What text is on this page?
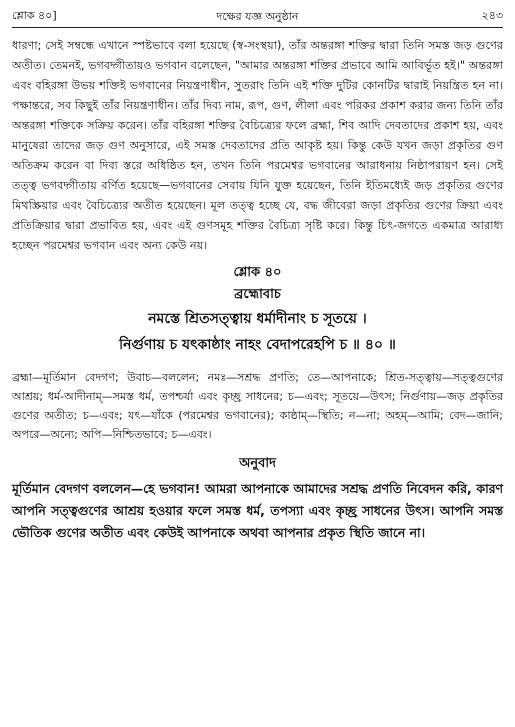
শ্লোক ৪০]	দক্ষের যজ্ঞ অনুষ্ঠান	২৪৩

ধারণা; সেই সম্বন্ধে এখানে স্পষ্টভাবে বলা হয়েছে (স্ব-সংস্থয়া), তাঁর অন্তরঙ্গা শক্তির দ্বারা তিনি সমস্ত জড় গুণের অতীত। তেমনই, ভগবদ্গীতায়ও ভগবান বলেছেন, "আমার অন্তরঙ্গা শক্তির প্রভাবে আমি আবির্ভূত হই।" অন্তরঙ্গা এবং বহিরঙ্গা উভয় শক্তিই ভগবানের নিয়ন্ত্রণাধীন, সুতরাং তিনি এই শক্তি দুটির কোনটির দ্বারাই নিয়ন্ত্রিত হন না। পক্ষান্তরে, সব কিছুই তাঁর নিয়ন্ত্রণাধীন। তাঁর দিব্য নাম, রূপ, গুণ, লীলা এবং পরিকর প্রকাশ করার জন্য তিনি তাঁর অন্তরঙ্গা শক্তিকে সক্রিয় করেন। তাঁর বহিরঙ্গা শক্তির বৈচিত্র্যের ফলে ব্রহ্মা, শিব আদি দেবতাদের প্রকাশ হয়, এবং মানুষেরা তাদের জড় গুণ অনুসারে, এই সমস্ত দেবতাদের প্রতি আকৃষ্ট হয়। কিন্তু কেউ যখন জড়া প্রকৃতির গুণ অতিক্রম করেন বা দিব্য স্তরে অধিষ্ঠিত হন, তখন তিনি পরমেশ্বর ভগবানের আরাধনায় নিষ্ঠাপরায়ণ হন। সেই তত্ত্ব ভগবদ্গীতায় বর্ণিত হয়েছে—ভগবানের সেবায় যিনি যুক্ত হয়েছেন, তিনি ইতিমধ্যেই জড় প্রকৃতির গুণের মিথস্ক্রিয়ার এবং বৈচিত্র্যের অতীত হয়েছেন। মূল তত্ত্ব হচ্ছে যে, বদ্ধ জীবেরা জড়া প্রকৃতির গুণের ক্রিয়া এবং প্রতিক্রিয়ার দ্বারা প্রভাবিত হয়, এবং এই গুণসমূহ শক্তির বৈচিত্র্য সৃষ্টি করে। কিন্তু চিৎ-জগতে একমাত্র আরাধ্য হচ্ছেন পরমেশ্বর ভগবান এবং অন্য কেউ নয়।

শ্লোক ৪০
ব্রহ্মোবাচ
নমস্তে শ্রিতসত্ত্বায় ধর্মাদীনাং চ সূতয়ে ।
নির্গুণায় চ যৎকাষ্ঠাং নাহং বেদাপরেহপি চ ॥ ৪০ ॥
ব্রহ্মা—মূর্তিমান বেদগণ; উবাচ—বললেন; নমঃ—সশ্রদ্ধ প্রণতি; তে—আপনাকে; শ্রিত-সত্ত্বায়—সত্ত্বগুণের আশ্রয়; ধর্ম-আদীনাম্—সমস্ত ধর্ম, তপশ্চর্যা এবং কৃচ্ছ্র সাধনের; চ—এবং; সূতয়ে—উৎস; নির্গুণায়—জড় প্রকৃতির গুণের অতীত; চ—এবং; যৎ—যাঁকে (পরমেশ্বর ভগবানের); কাষ্ঠাম্—স্থিতি; ন—না; অহম্—আমি; বেদ—জানি; অপরে—অন্যে; অপি—নিশ্চিতভাবে; চ—এবং।
অনুবাদ
মূর্তিমান বেদগণ বললেন—হে ভগবান! আমরা আপনাকে আমাদের সশ্রদ্ধ প্রণতি নিবেদন করি, কারণ আপনি সত্ত্বগুণের আশ্রয় হওয়ার ফলে সমস্ত ধর্ম, তপস্যা এবং কৃচ্ছ্র সাধনের উৎস। আপনি সমস্ত ভৌতিক গুণের অতীত এবং কেউই আপনাকে অথবা আপনার প্রকৃত স্থিতি জানে না।
